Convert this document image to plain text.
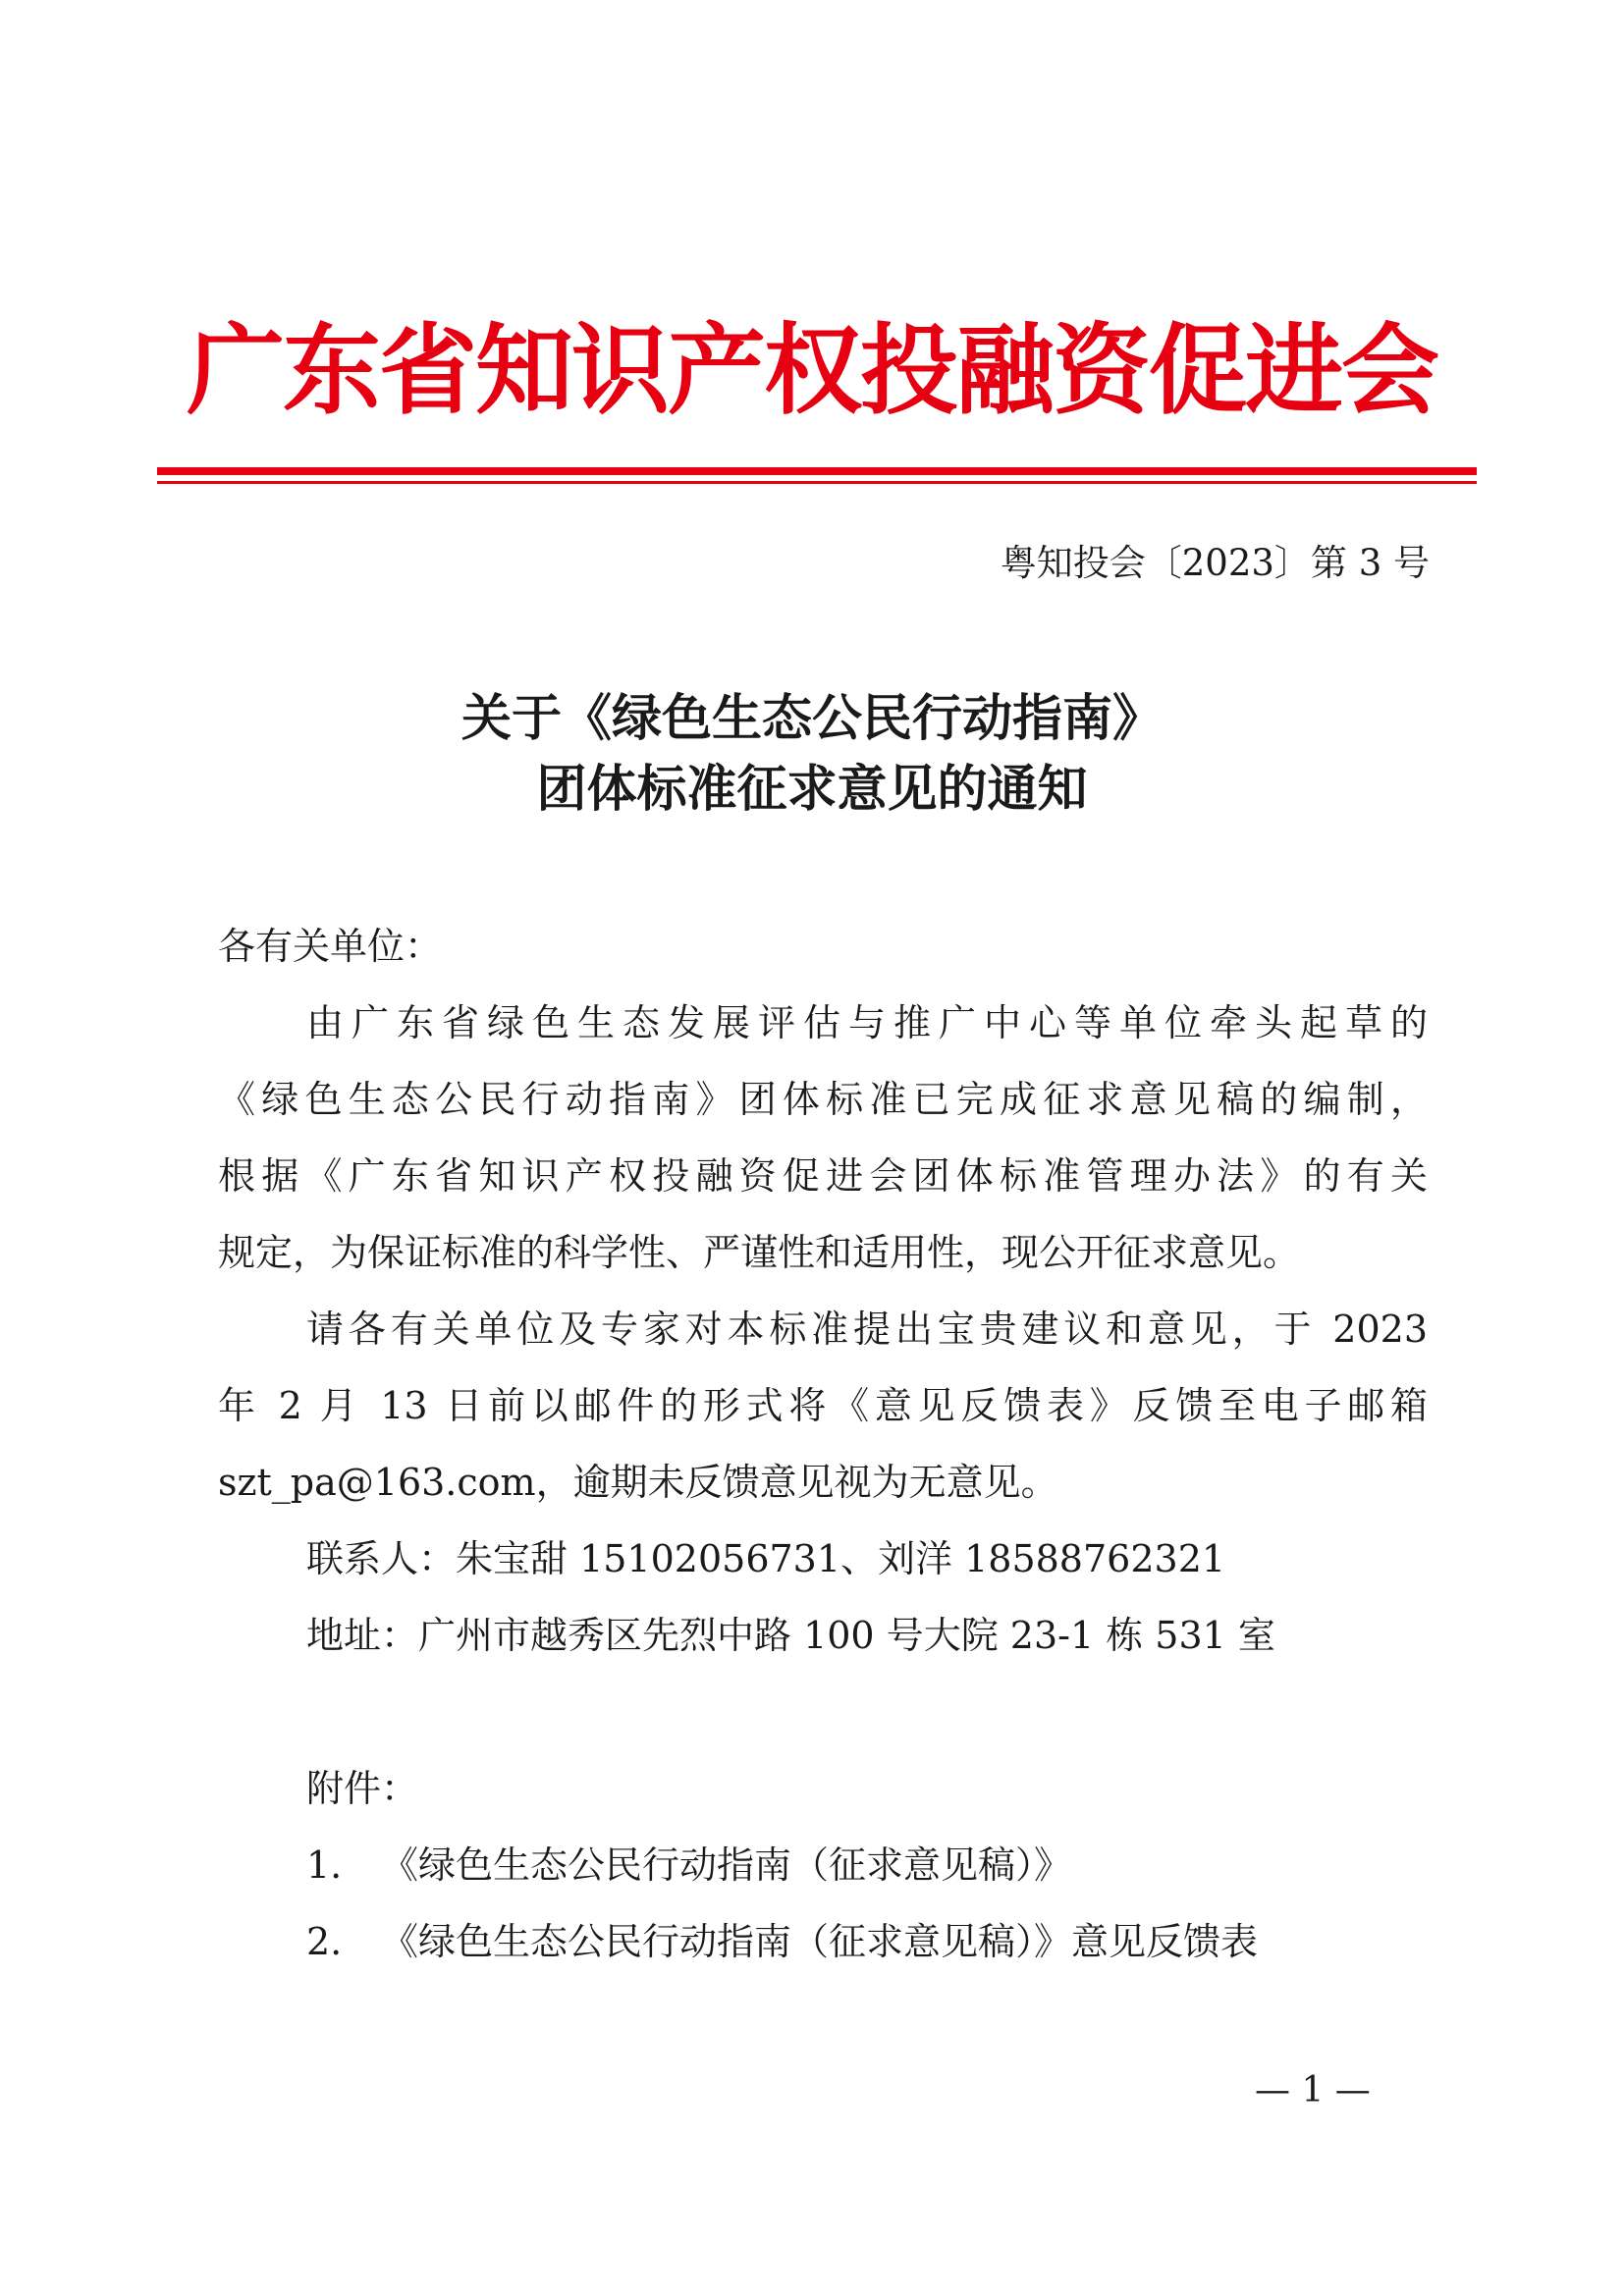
广东省知识产权投融资促进会
粤知投会〔2023〕第 3 号
关于《绿色生态公民行动指南》
团体标准征求意见的通知
各有关单位：
由广东省绿色生态发展评估与推广中心等单位牵头起草的
《绿色生态公民行动指南》团体标准已完成征求意见稿的编制，
根据《广东省知识产权投融资促进会团体标准管理办法》的有关
规定，为保证标准的科学性、严谨性和适用性，现公开征求意见。
请各有关单位及专家对本标准提出宝贵建议和意见，于 2023
年 2 月 13 日前以邮件的形式将《意见反馈表》反馈至电子邮箱
szt_pa@163.com，逾期未反馈意见视为无意见。
联系人：朱宝甜 15102056731、刘洋 18588762321
地址：广州市越秀区先烈中路 100 号大院 23-1 栋 531 室
附件：
1. 《绿色生态公民行动指南（征求意见稿）》
2. 《绿色生态公民行动指南（征求意见稿）》意见反馈表
— 1 —
